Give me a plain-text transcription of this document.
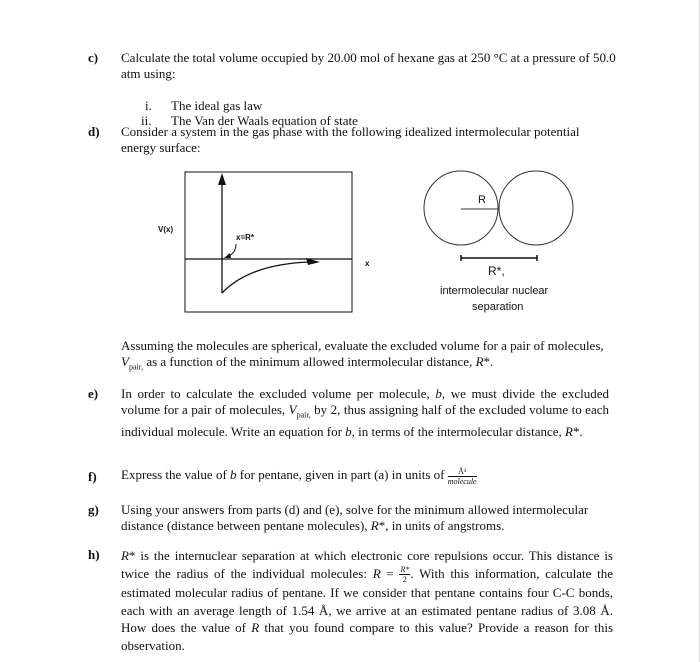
c) Calculate the total volume occupied by 20.00 mol of hexane gas at 250 °C at a pressure of 50.0 atm using:
i. The ideal gas law
ii. The Van der Waals equation of state
d) Consider a system in the gas phase with the following idealized intermolecular potential energy surface:
V(x)
x
x=R*
R
R*,
intermolecular nuclear
separation
Assuming the molecules are spherical, evaluate the excluded volume for a pair of molecules,
$V_{pair,}$ as a function of the minimum allowed intermolecular distance, R*.
e) In order to calculate the excluded volume per molecule, b, we must divide the excluded volume for a pair of molecules, $V_{pair,}$ by 2, thus assigning half of the excluded volume to each individual molecule. Write an equation for b, in terms of the intermolecular distance, R*.
f) Express the value of b for pentane, given in part (a) in units of $\frac{\text{Å³}}{\text{molecule}}$
g) Using your answers from parts (d) and (e), solve for the minimum allowed intermolecular distance (distance between pentane molecules), R*, in units of angstroms.
h) R* is the internuclear separation at which electronic core repulsions occur. This distance is twice the radius of the individual molecules: $R = \frac{R*}{2}$ . With this information, calculate the estimated molecular radius of pentane. If we consider that pentane contains four C-C bonds, each with an average length of 1.54 Å, we arrive at an estimated pentane radius of 3.08 Å. How does the value of R that you found compare to this value? Provide a reason for this observation.
